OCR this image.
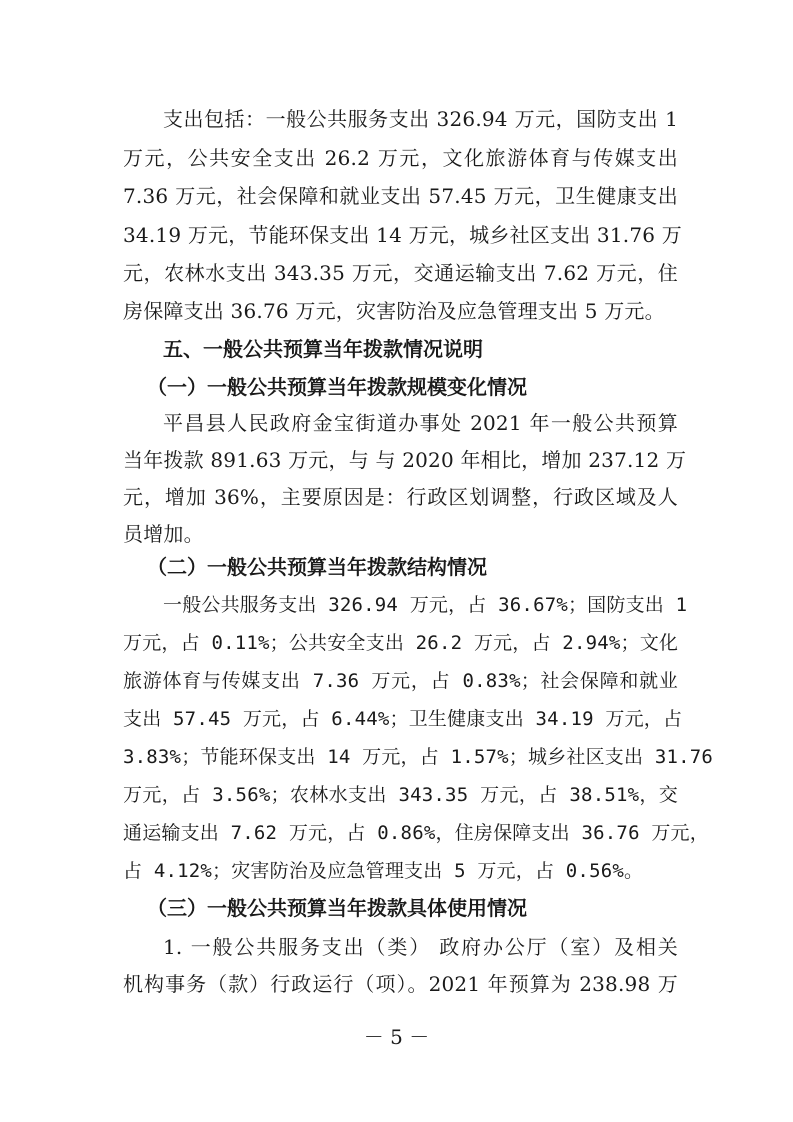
支出包括：一般公共服务支出 326.94 万元，国防支出 1
万元，公共安全支出 26.2 万元，文化旅游体育与传媒支出
7.36 万元，社会保障和就业支出 57.45 万元，卫生健康支出
34.19 万元，节能环保支出 14 万元，城乡社区支出 31.76 万
元，农林水支出 343.35 万元，交通运输支出 7.62 万元，住
房保障支出 36.76 万元，灾害防治及应急管理支出 5 万元。
五、一般公共预算当年拨款情况说明
（一）一般公共预算当年拨款规模变化情况
平昌县人民政府金宝街道办事处 2021 年一般公共预算
当年拨款 891.63 万元，与 与 2020 年相比，增加 237.12 万
元，增加 36%，主要原因是：行政区划调整，行政区域及人
员增加。
（二）一般公共预算当年拨款结构情况
一般公共服务支出 326.94 万元，占 36.67%；国防支出 1
万元，占 0.11%；公共安全支出 26.2 万元，占 2.94%；文化
旅游体育与传媒支出 7.36 万元，占 0.83%；社会保障和就业
支出 57.45 万元，占 6.44%；卫生健康支出 34.19 万元，占
3.83%；节能环保支出 14 万元，占 1.57%；城乡社区支出 31.76
万元，占 3.56%；农林水支出 343.35 万元，占 38.51%，交
通运输支出 7.62 万元，占 0.86%，住房保障支出 36.76 万元，
占 4.12%；灾害防治及应急管理支出 5 万元，占 0.56%。
－ 5 －
（三）一般公共预算当年拨款具体使用情况
1. 一般公共服务支出（类） 政府办公厅（室）及相关
机构事务（款）行政运行（项）。2021 年预算为 238.98 万
